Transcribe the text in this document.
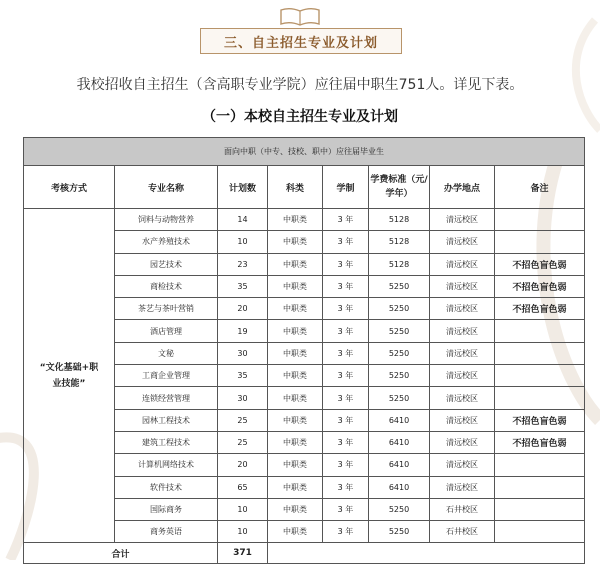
三、自主招生专业及计划
我校招收自主招生（含高职专业学院）应往届中职生751人。详见下表。
（一）本校自主招生专业及计划
面向中职（中专、技校、职中）应往届毕业生							
考核方式	专业名称	计划数	科类	学制	学费标准（元/学年）	办学地点	备注

“文化基础+职
业技能”	饲料与动物营养	14	中职类	3 年	5128	清远校区	
	水产养殖技术	10	中职类	3 年	5128	清远校区	
	园艺技术	23	中职类	3 年	5128	清远校区	不招色盲色弱
	商检技术	35	中职类	3 年	5250	清远校区	不招色盲色弱
	茶艺与茶叶营销	20	中职类	3 年	5250	清远校区	不招色盲色弱
	酒店管理	19	中职类	3 年	5250	清远校区	
	文秘	30	中职类	3 年	5250	清远校区	
	工商企业管理	35	中职类	3 年	5250	清远校区	
	连锁经营管理	30	中职类	3 年	5250	清远校区	
	园林工程技术	25	中职类	3 年	6410	清远校区	不招色盲色弱
	建筑工程技术	25	中职类	3 年	6410	清远校区	不招色盲色弱
	计算机网络技术	20	中职类	3 年	6410	清远校区	
	软件技术	65	中职类	3 年	6410	清远校区	
	国际商务	10	中职类	3 年	5250	石井校区	
	商务英语	10	中职类	3 年	5250	石井校区	
合计		371					
